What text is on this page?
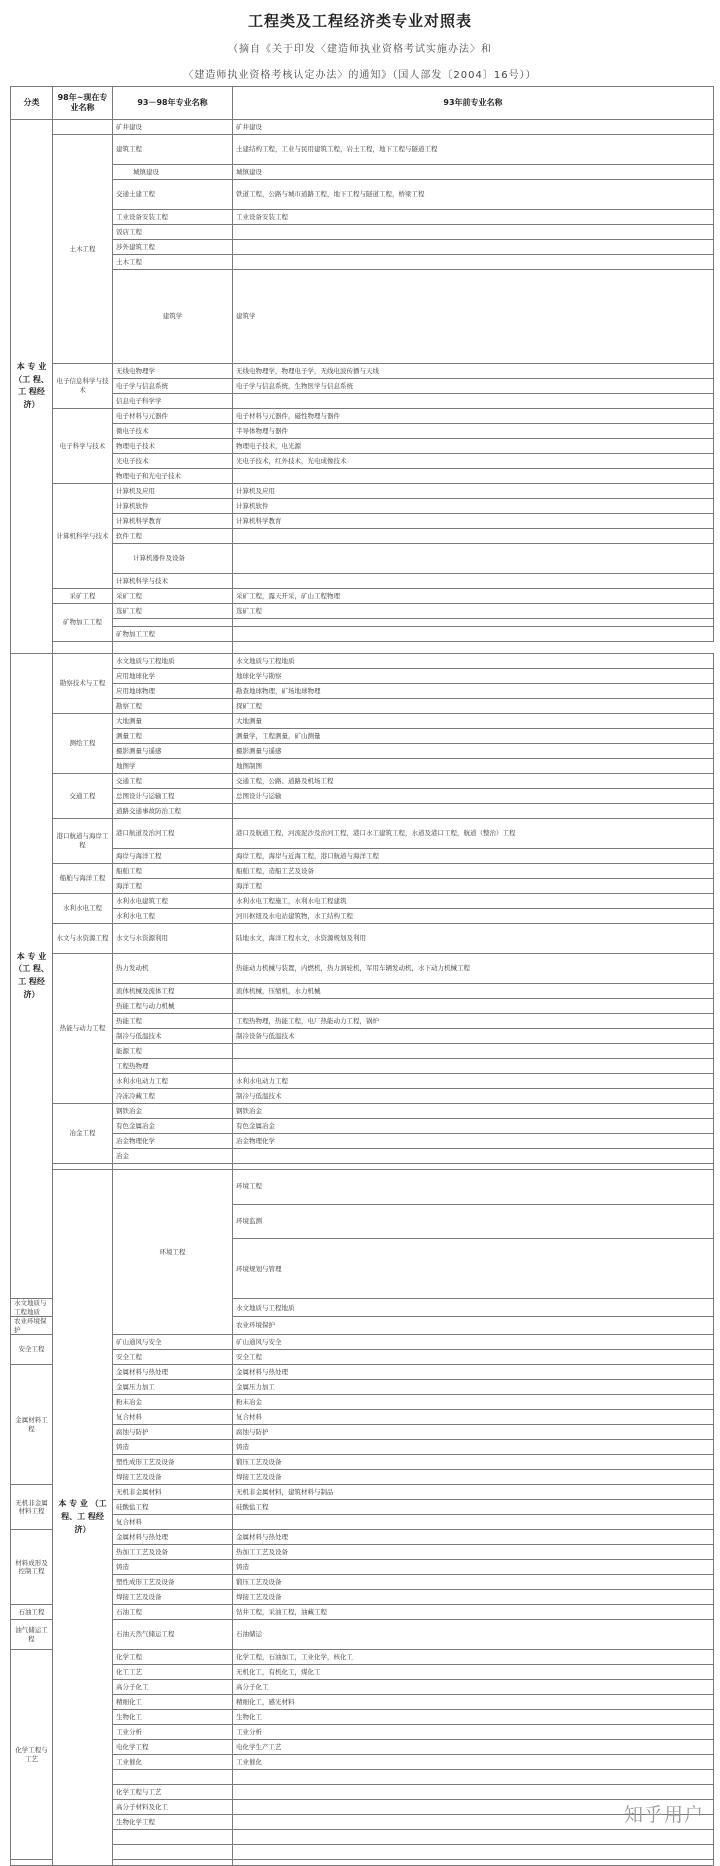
工程类及工程经济类专业对照表
（摘自《关于印发〈建造师执业资格考试实施办法〉和
〈建造师执业资格考核认定办法〉的通知》（国人部发〔2004〕16号））
分类	98年~现在专业名称	93－98年专业名称	93年前专业名称	
本 专 业 （工 程、工 程经 济）		矿井建设	矿井建设	
	土木工程	建筑工程	土建结构工程，工业与民用建筑工程，岩土工程，地下工程与隧道工程	
		城镇建设	城镇建设	
		交通土建工程	铁道工程，公路与城市道路工程，地下工程与隧道工程，桥梁工程	
		工业设备安装工程	工业设备安装工程	
		饭店工程		
		涉外建筑工程		
		土木工程		
		建筑学	建筑学	
	电子信息科学与技术	无线电物理学	无线电物理学，物理电子学，无线电波传播与天线	
		电子学与信息系统	电子学与信息系统，生物医学与信息系统	
		信息电子科学学		
	电子科学与技术	电子材料与元器件	电子材料与元器件，磁性物理与器件	
		微电子技术	半导体物理与器件	
		物理电子技术	物理电子技术，电光源	
		光电子技术	光电子技术，红外技术，光电成像技术	
		物理电子和光电子技术		
	计算机科学与技术	计算机及应用	计算机及应用	
		计算机软件	计算机软件	
		计算机科学教育	计算机科学教育	
		软件工程		
		计算机器件及设备		
		计算机科学与技术		
	采矿工程	采矿工程	采矿工程，露天开采，矿山工程物理	
	矿物加工工程	选矿工程	选矿工程	

		矿物加工工程		

本 专 业 （工 程、工 程经 济）	勘察技术与工程	水文地质与工程地质	水文地质与工程地质	
		应用地球化学	地球化学与勘察	
		应用地球物理	勘查地球物理，矿场地球物理	
		勘察工程	探矿工程	
	测绘工程	大地测量	大地测量	
		测量工程	测量学，工程测量，矿山测量	
		摄影测量与遥感	摄影测量与遥感	
		地图学	地图制图	
	交通工程	交通工程	交通工程，公路、道路及机场工程	
		总图设计与运输工程	总图设计与运输	
		道路交通事故防治工程		
	港口航道与海岸工程	港口航道及治河工程	港口及航道工程，河流泥沙及治河工程，港口水工建筑工程，水道及港口工程，航道（整治）工程	
		海岸与海洋工程	海岸工程，海岸与近海工程，港口航道与海洋工程	
	船舶与海洋工程	船舶工程	船舶工程，造船工艺及设备	
		海洋工程	海洋工程	
	水利水电工程	水利水电建筑工程	水利水电工程施工，水利水电工程建筑	
		水利水电工程	河川枢纽及水电站建筑物，水工结构工程	
	水文与水资源工程	水文与水资源利用	陆地水文，海洋工程水文，水资源规划及利用	
	热能与动力工程	热力发动机	热能动力机械与装置，内燃机，热力涡轮机，军用车辆发动机，水下动力机械工程	
		流体机械及流体工程	流体机械，压缩机，水力机械	
		热能工程与动力机械		
		热能工程	工程热物理，热能工程，电厂热能动力工程，锅炉	
		制冷与低温技术	制冷设备与低温技术	
		能源工程		
		工程热物理		
		水利水电动力工程	水利水电动力工程	
		冷冻冷藏工程	制冷与低温技术	
	冶金工程	钢铁冶金	钢铁冶金	
		有色金属冶金	有色金属冶金	
		冶金物理化学	冶金物理化学	
		冶金		

	本 专 业 （工 程、工 程经 济）	环境工程	环境工程	
			环境监测	
			环境规划与管理	
水文地质与工程地质			水文地质与工程地质	
农业环境保护			农业环境保护	
安全工程		矿山通风与安全	矿山通风与安全	
		安全工程	安全工程	
金属材料工程		金属材料与热处理	金属材料与热处理	
		金属压力加工	金属压力加工	
		粉末冶金	粉末冶金	
		复合材料	复合材料	
		腐蚀与防护	腐蚀与防护	
		铸造	铸造	
		塑性成形工艺及设备	锻压工艺及设备	
		焊接工艺及设备	焊接工艺及设备	
无机非金属材料工程		无机非金属材料	无机非金属材料，建筑材料与制品	
		硅酸盐工程	硅酸盐工程	
		复合材料		
材料成形及控制工程		金属材料与热处理	金属材料与热处理	
		热加工工艺及设备	热加工工艺及设备	
		铸造	铸造	
		塑性成形工艺及设备	锻压工艺及设备	
		焊接工艺及设备	焊接工艺及设备	
石油工程		石油工程	钻井工程，采油工程，油藏工程	
油气储运工程		石油天然气储运工程	石油储运	
化学工程与工艺		化学工程	化学工程，石油加工，工业化学，核化工	
		化工工艺	无机化工，有机化工，煤化工	
		高分子化工	高分子化工	
		精细化工	精细化工，感光材料	
		生物化工	生物化工	
		工业分析	工业分析	
		电化学工程	电化学生产工艺	
		工业催化	工业催化	

		化学工程与工艺		
		高分子材料及化工		
		生物化学工程		

			知乎用户
